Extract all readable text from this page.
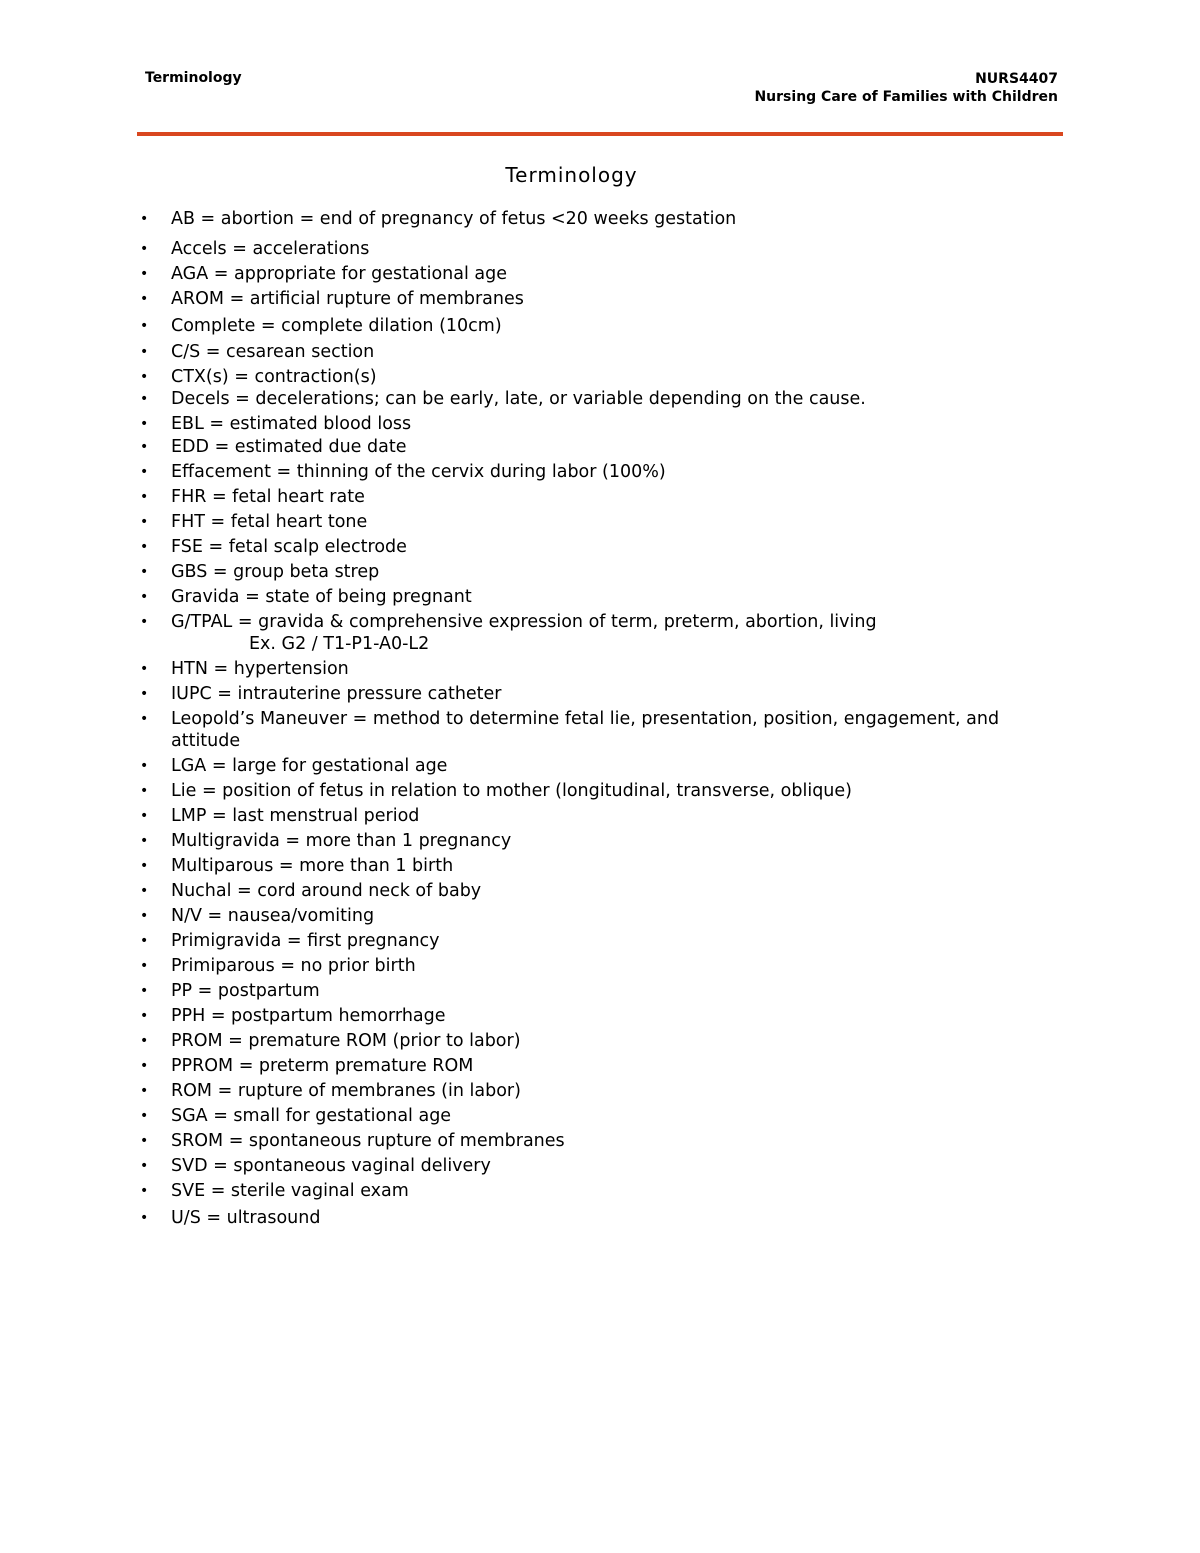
Terminology	NURS4407
Nursing Care of Families with Children
Terminology
• AB = abortion = end of pregnancy of fetus <20 weeks gestation
• Accels = accelerations
• AGA = appropriate for gestational age
• AROM = artificial rupture of membranes
• Complete = complete dilation (10cm)
• C/S = cesarean section
• CTX(s) = contraction(s)
• Decels = decelerations; can be early, late, or variable depending on the cause.
• EBL = estimated blood loss
• EDD = estimated due date
• Effacement = thinning of the cervix during labor (100%)
• FHR = fetal heart rate
• FHT = fetal heart tone
• FSE = fetal scalp electrode
• GBS = group beta strep
• Gravida = state of being pregnant
• G/TPAL = gravida & comprehensive expression of term, preterm, abortion, living
Ex. G2 / T1-P1-A0-L2
• HTN = hypertension
• IUPC = intrauterine pressure catheter
• Leopold’s Maneuver = method to determine fetal lie, presentation, position, engagement, and attitude
• LGA = large for gestational age
• Lie = position of fetus in relation to mother (longitudinal, transverse, oblique)
• LMP = last menstrual period
• Multigravida = more than 1 pregnancy
• Multiparous = more than 1 birth
• Nuchal = cord around neck of baby
• N/V = nausea/vomiting
• Primigravida = first pregnancy
• Primiparous = no prior birth
• PP = postpartum
• PPH = postpartum hemorrhage
• PROM = premature ROM (prior to labor)
• PPROM = preterm premature ROM
• ROM = rupture of membranes (in labor)
• SGA = small for gestational age
• SROM = spontaneous rupture of membranes
• SVD = spontaneous vaginal delivery
• SVE = sterile vaginal exam
• U/S = ultrasound
